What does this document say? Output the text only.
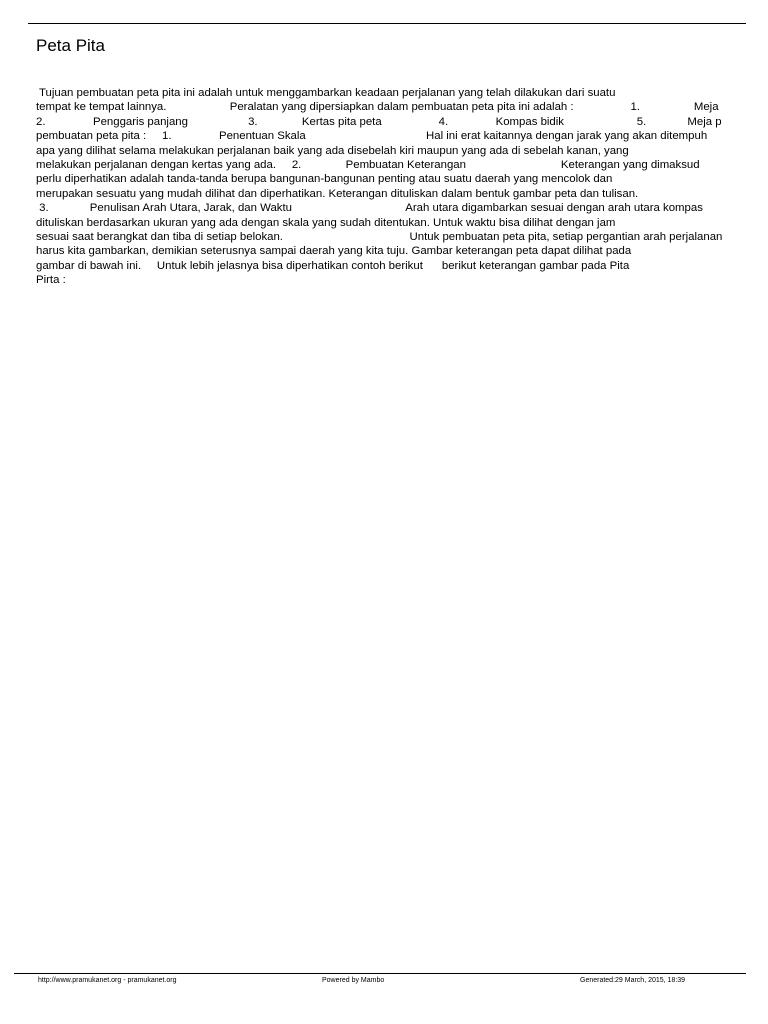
Peta Pita
Tujuan pembuatan peta pita ini adalah untuk menggambarkan keadaan perjalanan yang telah dilakukan dari suatu
tempat ke tempat lainnya.                    Peralatan yang dipersiapkan dalam pembuatan peta pita ini adalah :                  1.                 Meja
2.               Penggaris panjang                   3.              Kertas pita peta                  4.               Kompas bidik                       5.             Meja p
pembuatan peta pita :     1.               Penentuan Skala                                      Hal ini erat kaitannya dengan jarak yang akan ditempuh
apa yang dilihat selama melakukan perjalanan baik yang ada disebelah kiri maupun yang ada di sebelah kanan, yang
melakukan perjalanan dengan kertas yang ada.     2.              Pembuatan Keterangan                              Keterangan yang dimaksud
perlu diperhatikan adalah tanda-tanda berupa bangunan-bangunan penting atau suatu daerah yang mencolok dan
merupakan sesuatu yang mudah dilihat dan diperhatikan. Keterangan dituliskan dalam bentuk gambar peta dan tulisan.
3.             Penulisan Arah Utara, Jarak, dan Waktu                                    Arah utara digambarkan sesuai dengan arah utara kompas
dituliskan berdasarkan ukuran yang ada dengan skala yang sudah ditentukan. Untuk waktu bisa dilihat dengan jam
sesuai saat berangkat dan tiba di setiap belokan.                                        Untuk pembuatan peta pita, setiap pergantian arah perjalanan
harus kita gambarkan, demikian seterusnya sampai daerah yang kita tuju. Gambar keterangan peta dapat dilihat pada
gambar di bawah ini.     Untuk lebih jelasnya bisa diperhatikan contoh berikut      berikut keterangan gambar pada Pita
Pirta :
http://www.pramukanet.org - pramukanet.org	Powered by Mambo	Generated:29 March, 2015, 18:39
